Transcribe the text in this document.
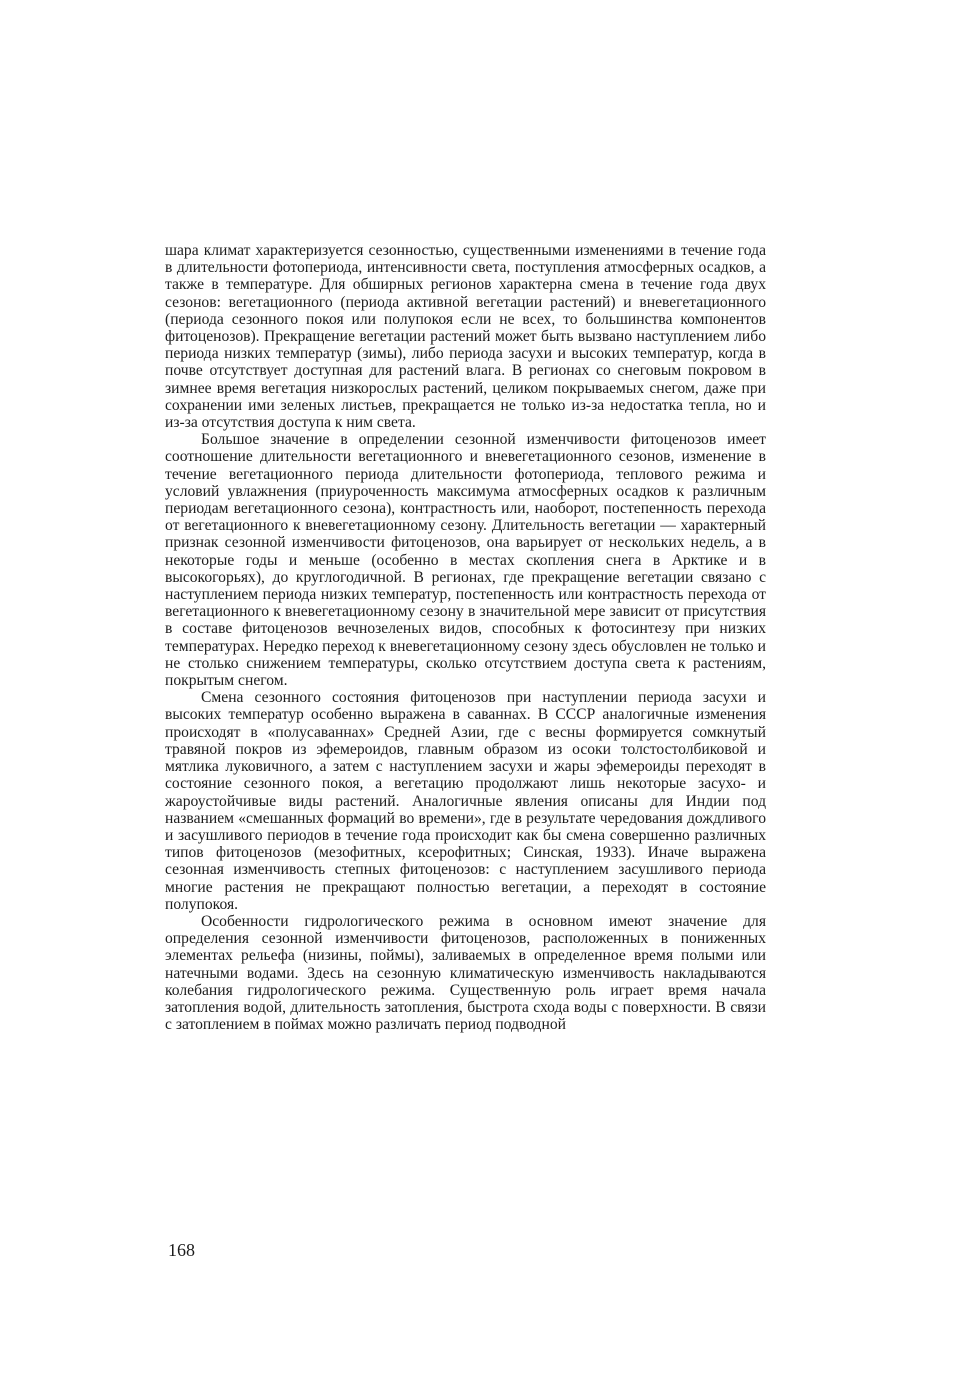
шара климат характеризуется сезонностью, существенными изменениями в течение года в длительности фотопериода, интенсивности света, поступления атмосферных осадков, а также в температуре. Для обширных регионов характерна смена в течение года двух сезонов: вегетационного (периода активной вегетации растений) и вневегетационного (периода сезонного покоя или полупокоя если не всех, то большинства компонентов фитоценозов). Прекращение вегетации растений может быть вызвано наступлением либо периода низких температур (зимы), либо периода засухи и высоких температур, когда в почве отсутствует доступная для растений влага. В регионах со снеговым покровом в зимнее время вегетация низкорослых растений, целиком покрываемых снегом, даже при сохранении ими зеленых листьев, прекращается не только из-за недостатка тепла, но и из-за отсутствия доступа к ним света.

Большое значение в определении сезонной изменчивости фитоценозов имеет соотношение длительности вегетационного и вневегетационного сезонов, изменение в течение вегетационного периода длительности фотопериода, теплового режима и условий увлажнения (приуроченность максимума атмосферных осадков к различным периодам вегетационного сезона), контрастность или, наоборот, постепенность перехода от вегетационного к вневегетационному сезону. Длительность вегетации — характерный признак сезонной изменчивости фитоценозов, она варьирует от нескольких недель, а в некоторые годы и меньше (особенно в местах скопления снега в Арктике и в высокогорьях), до круглогодичной. В регионах, где прекращение вегетации связано с наступлением периода низких температур, постепенность или контрастность перехода от вегетационного к вневегетационному сезону в значительной мере зависит от присутствия в составе фитоценозов вечнозеленых видов, способных к фотосинтезу при низких температурах. Нередко переход к вневегетационному сезону здесь обусловлен не только и не столько снижением температуры, сколько отсутствием доступа света к растениям, покрытым снегом.

Смена сезонного состояния фитоценозов при наступлении периода засухи и высоких температур особенно выражена в саваннах. В СССР аналогичные изменения происходят в «полусаваннах» Средней Азии, где с весны формируется сомкнутый травяной покров из эфемероидов, главным образом из осоки толстостолбиковой и мятлика луковичного, а затем с наступлением засухи и жары эфемероиды переходят в состояние сезонного покоя, а вегетацию продолжают лишь некоторые засухо- и жароустойчивые виды растений. Аналогичные явления описаны для Индии под названием «смешанных формаций во времени», где в результате чередования дождливого и засушливого периодов в течение года происходит как бы смена совершенно различных типов фитоценозов (мезофитных, ксерофитных; Синская, 1933). Иначе выражена сезонная изменчивость степных фитоценозов: с наступлением засушливого периода многие растения не прекращают полностью вегетации, а переходят в состояние полупокоя.

Особенности гидрологического режима в основном имеют значение для определения сезонной изменчивости фитоценозов, расположенных в пониженных элементах рельефа (низины, поймы), заливаемых в определенное время полыми или натечными водами. Здесь на сезонную климатическую изменчивость накладываются колебания гидрологического режима. Существенную роль играет время начала затопления водой, длительность затопления, быстрота схода воды с поверхности. В связи с затоплением в поймах можно различать период подводной

168
